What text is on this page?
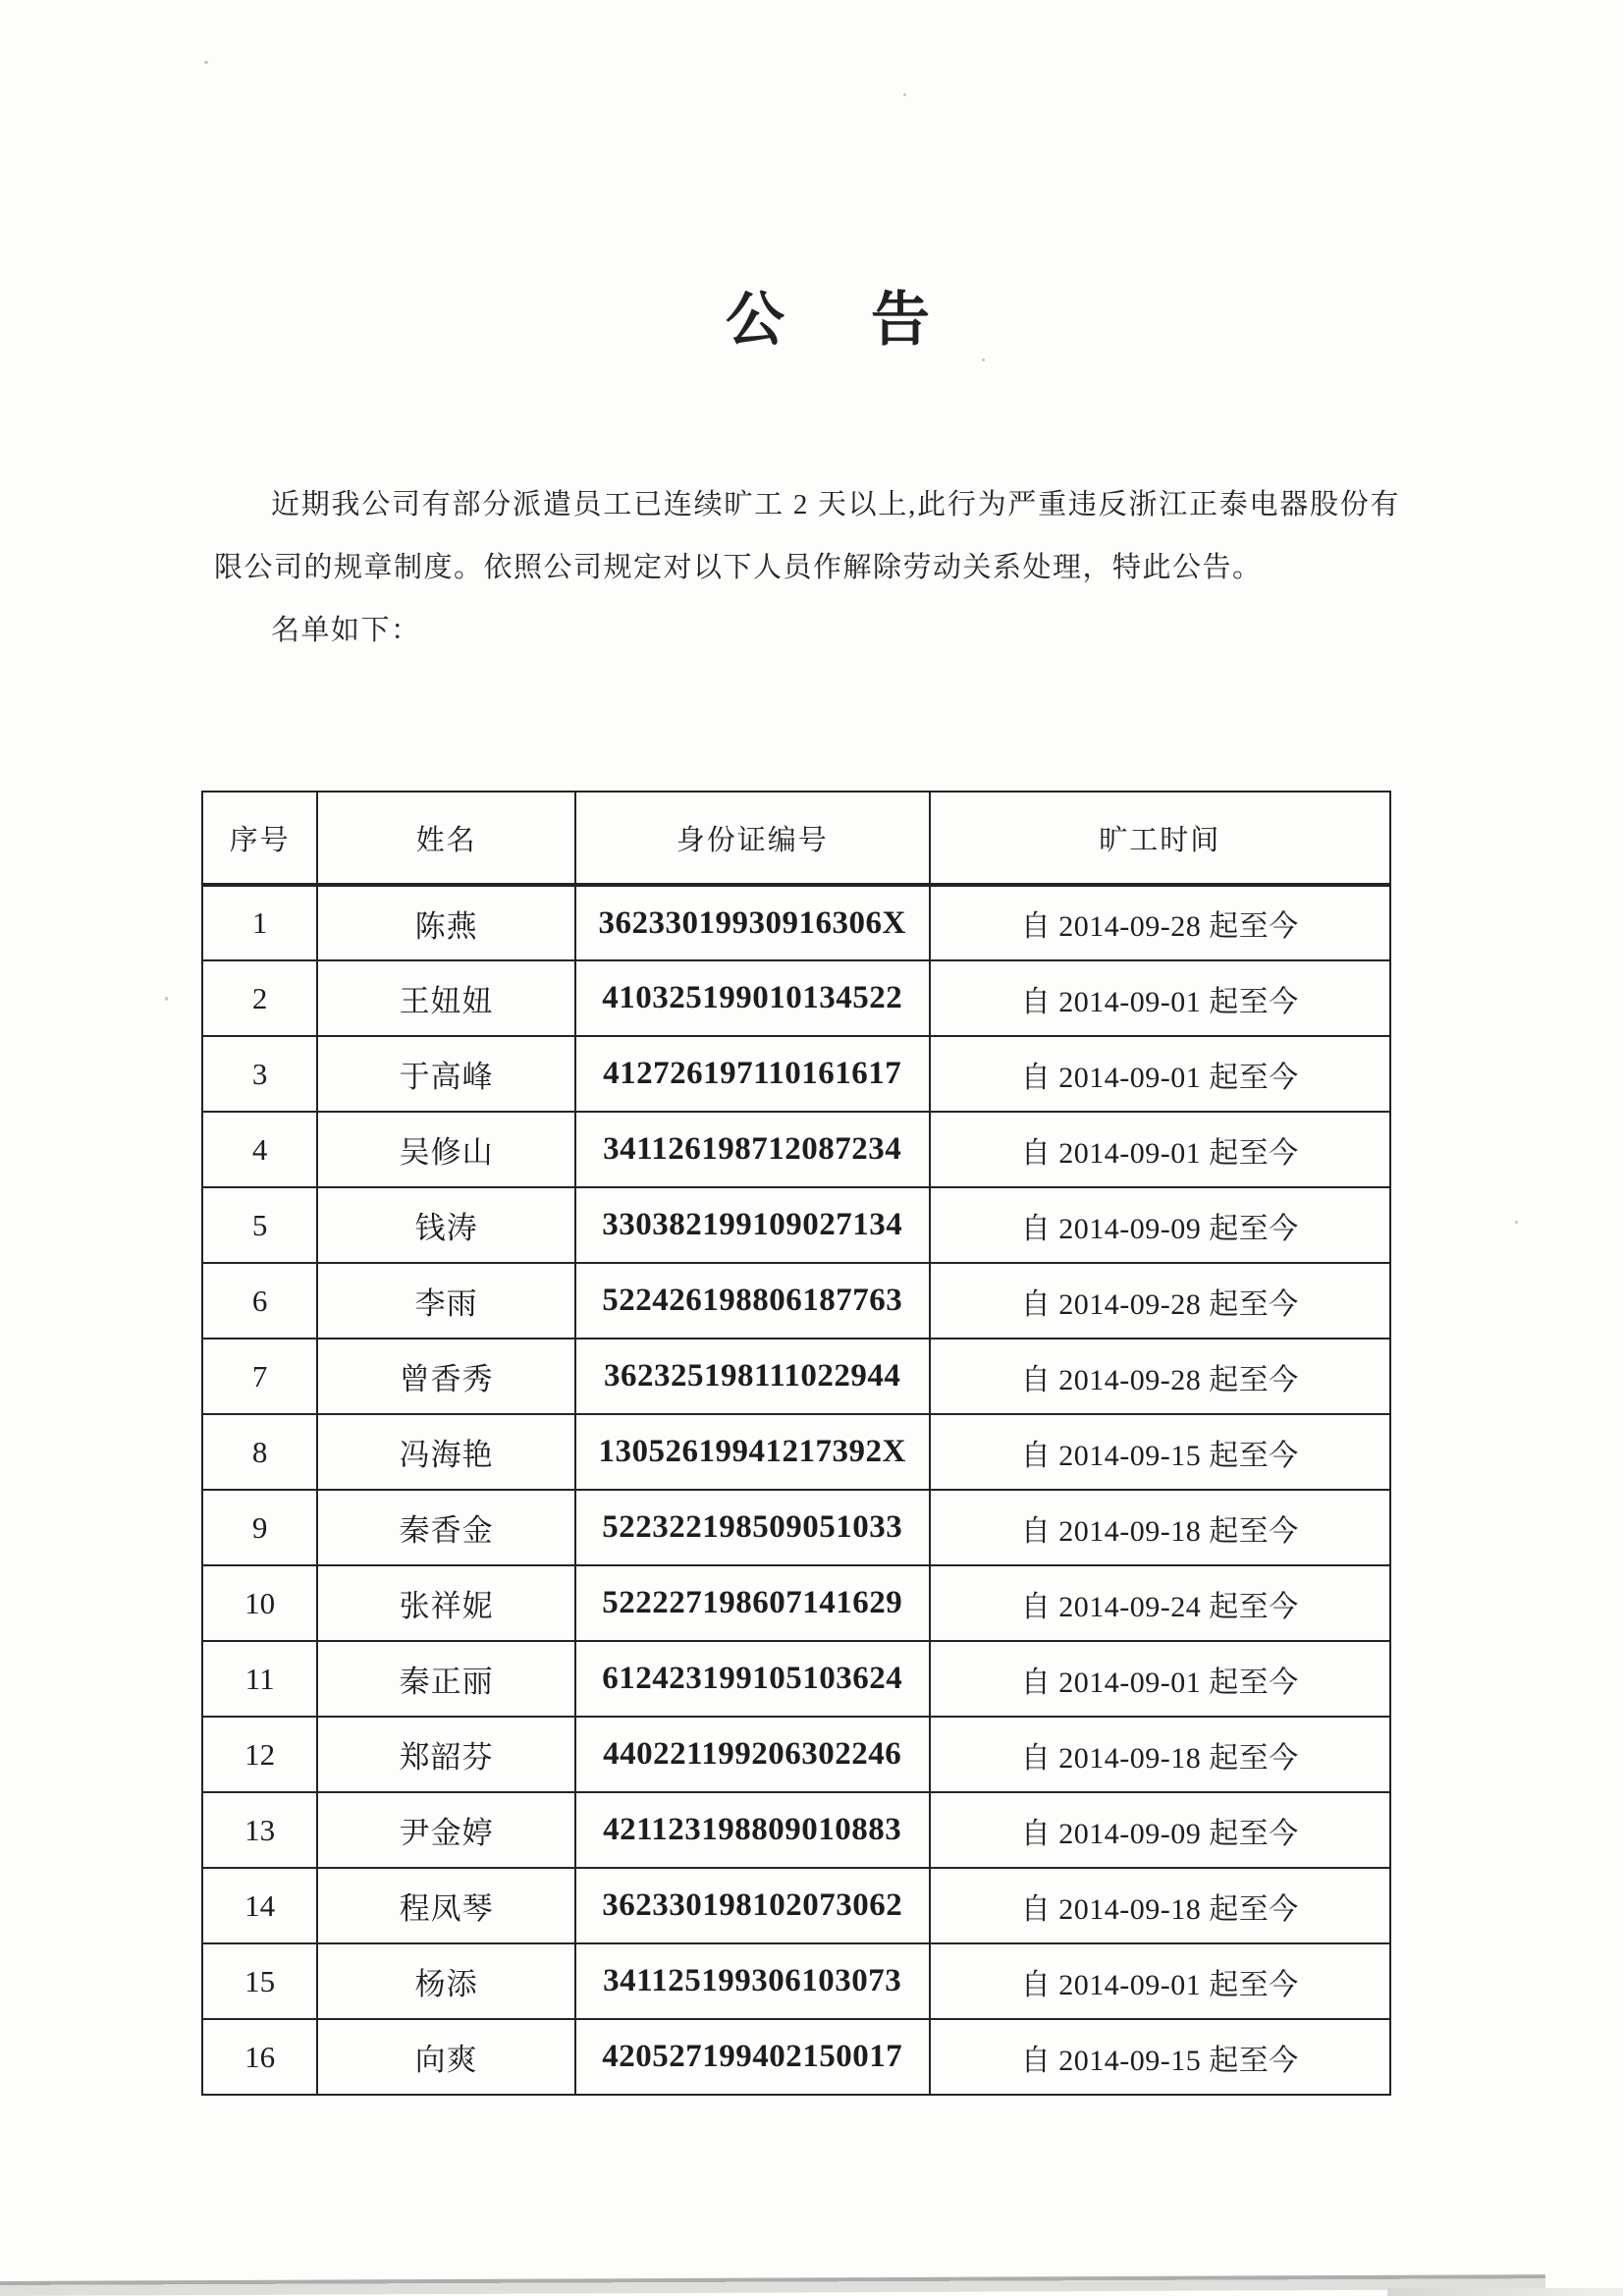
公　告

近期我公司有部分派遣员工已连续旷工 2 天以上,此行为严重违反浙江正泰电器股份有限公司的规章制度。依照公司规定对以下人员作解除劳动关系处理，特此公告。

名单如下：

序号	姓名	身份证编号	旷工时间
1	陈燕	36233019930916306X	自 2014-09-28 起至今
2	王妞妞	410325199010134522	自 2014-09-01 起至今
3	于高峰	412726197110161617	自 2014-09-01 起至今
4	吴修山	341126198712087234	自 2014-09-01 起至今
5	钱涛	330382199109027134	自 2014-09-09 起至今
6	李雨	522426198806187763	自 2014-09-28 起至今
7	曾香秀	362325198111022944	自 2014-09-28 起至今
8	冯海艳	13052619941217392X	自 2014-09-15 起至今
9	秦香金	522322198509051033	自 2014-09-18 起至今
10	张祥妮	522227198607141629	自 2014-09-24 起至今
11	秦正丽	612423199105103624	自 2014-09-01 起至今
12	郑韶芬	440221199206302246	自 2014-09-18 起至今
13	尹金婷	421123198809010883	自 2014-09-09 起至今
14	程凤琴	362330198102073062	自 2014-09-18 起至今
15	杨添	341125199306103073	自 2014-09-01 起至今
16	向爽	420527199402150017	自 2014-09-15 起至今
